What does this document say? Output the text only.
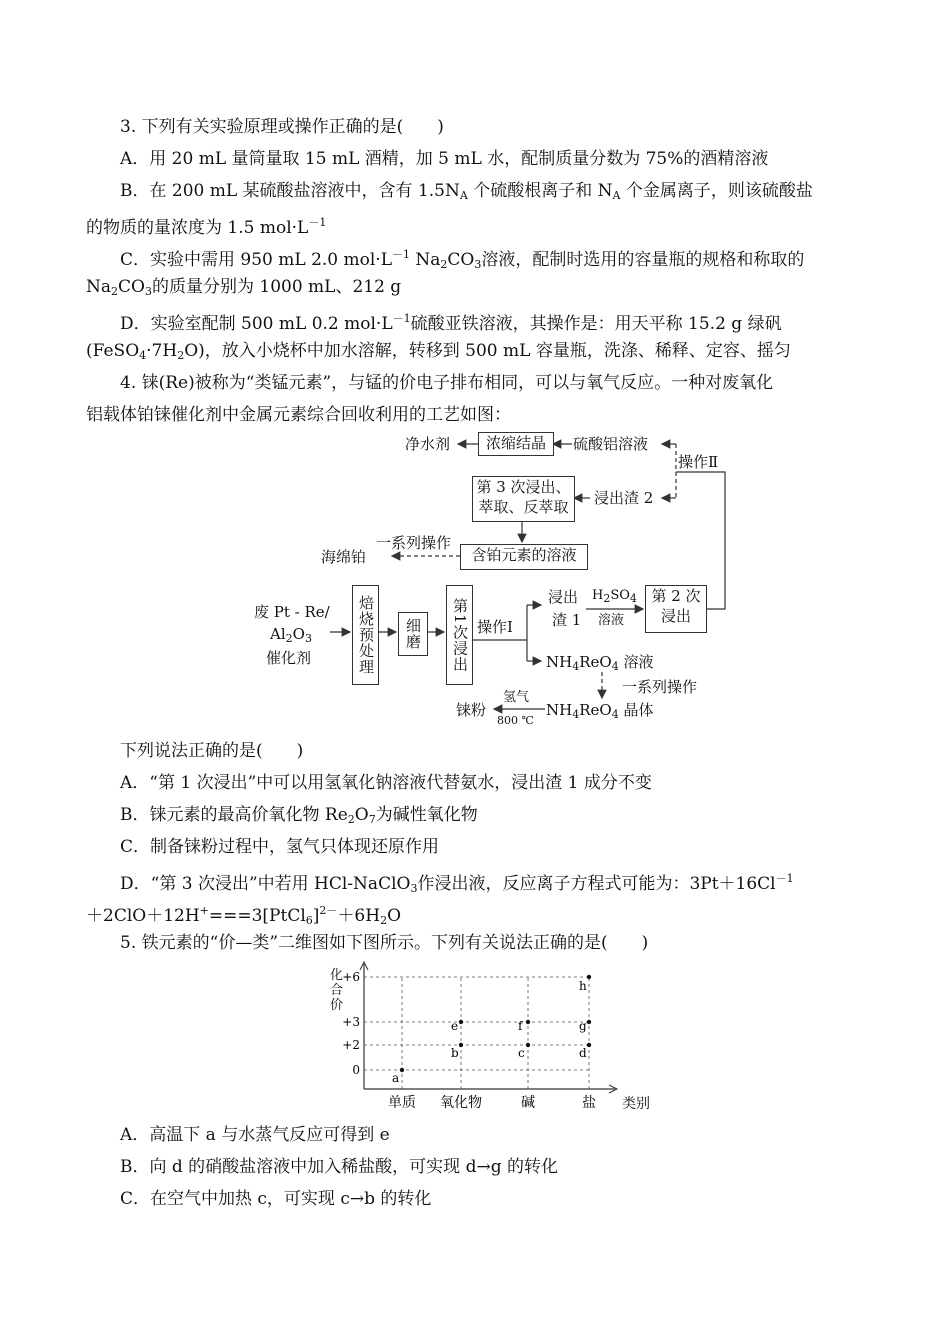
3. 下列有关实验原理或操作正确的是(　　)
A．用 20 mL 量筒量取 15 mL 酒精，加 5 mL 水，配制质量分数为 75%的酒精溶液
B．在 200 mL 某硫酸盐溶液中，含有 $1.5N_A$ 个硫酸根离子和 $N_A$ 个金属离子，则该硫酸盐
的物质的量浓度为 1.5 $mol\cdot L^{-1}$
C．实验中需用 950 mL 2.0 $mol\cdot L^{-1}$ $Na_2CO_3$溶液，配制时选用的容量瓶的规格和称取的
$Na_2CO_3$的质量分别为 1000 mL、212 g
D．实验室配制 500 mL 0.2 $mol\cdot L^{-1}$硫酸亚铁溶液，其操作是：用天平称 15.2 g 绿矾
$(FeSO_4\cdot 7H_2O)$，放入小烧杯中加水溶解，转移到 500 mL 容量瓶，洗涤、稀释、定容、摇匀
4. 铼(Re)被称为“类锰元素”，与锰的价电子排布相同，可以与氧气反应。一种对废氧化
铝载体铂铼催化剂中金属元素综合回收利用的工艺如图：
净水剂	浓缩结晶	硫酸铝溶液
操作Ⅱ
第 3 次浸出、
萃取、反萃取	浸出渣 2
一系列操作
海绵铂	含铂元素的溶液
废 Pt - Re/
$Al_2O_3$
催化剂	焙烧预处理	细磨	第1次浸出 操作Ⅰ
浸出
渣 1
$H_2SO_4$
溶液
第 2 次
浸出
$NH_4ReO_4$ 溶液
一系列操作
氢气
铼粉
800 ℃
$NH_4ReO_4$ 晶体
下列说法正确的是(　　)
A．“第 1 次浸出”中可以用氢氧化钠溶液代替氨水，浸出渣 1 成分不变
B．铼元素的最高价氧化物 $Re_2O_7$为碱性氧化物
C．制备铼粉过程中，氢气只体现还原作用
D．“第 3 次浸出”中若用 HCl-NaClO$_3$作浸出液，反应离子方程式可能为：$3Pt+16Cl^{-1}$
$+2ClO+12H^+===3[PtCl_6]^{2-}+6H_2O$
5. 铁元素的“价—类”二维图如下图所示。下列有关说法正确的是(　　)
+6
+3
+2
0
单质 氧化物	碱	盐
a
b
e
c
f
d
g
h
化合价
类别
A．高温下 a 与水蒸气反应可得到 e
B．向 d 的硝酸盐溶液中加入稀盐酸，可实现 d→g 的转化
C．在空气中加热 c，可实现 c→b 的转化
